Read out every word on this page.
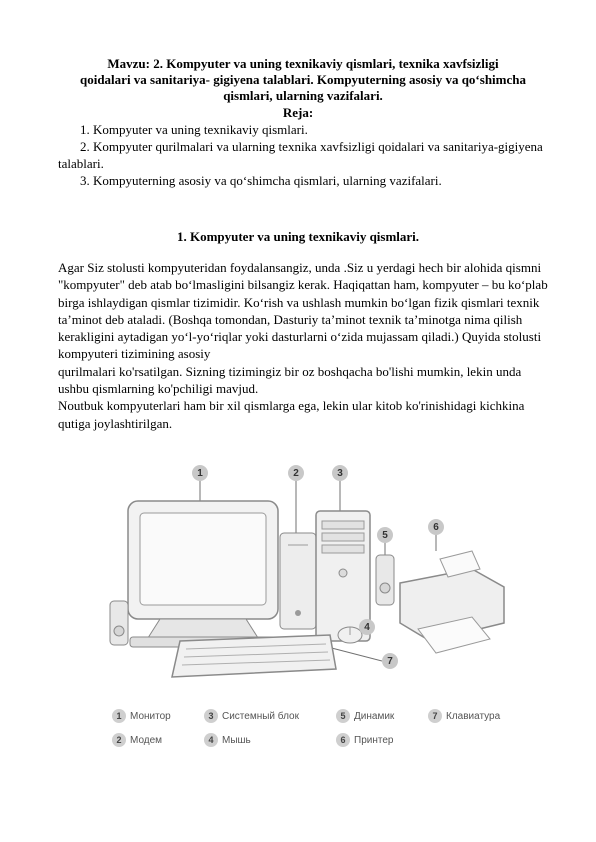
Mavzu: 2. Kompyuter va uning texnikaviy qismlari, texnika xavfsizligi
qoidalari va sanitariya- gigiyena talablari. Kompyuterning asosiy va qo‘shimcha
qismlari, ularning vazifalari.
Reja:

1. Kompyuter va uning texnikaviy qismlari.

2. Kompyuter qurilmalari va ularning texnika xavfsizligi qoidalari va sanitariya-gigiyena talablari.

3. Kompyuterning asosiy va qo‘shimcha qismlari, ularning vazifalari.

1. Kompyuter va uning texnikaviy qismlari.

Agar Siz stolusti kompyuteridan foydalansangiz, unda .Siz u yerdagi hech bir alohida qismni "kompyuter" deb atab bo‘lmasligini bilsangiz kerak. Haqiqattan ham, kompyuter – bu ko‘plab birga ishlaydigan qismlar tizimidir. Ko‘rish va ushlash mumkin bo‘lgan fizik qismlari texnik ta’minot deb ataladi. (Boshqa tomondan, Dasturiy ta’minot texnik ta’minotga nima qilish kerakligini aytadigan yo‘l-yo‘riqlar yoki dasturlarni o‘zida mujassam qiladi.) Quyida stolusti kompyuteri tizimining asosiy

qurilmalari ko'rsatilgan. Sizning tizimingiz bir oz boshqacha bo'lishi mumkin, lekin unda ushbu qismlarning ko'pchiligi mavjud.

Noutbuk kompyuterlari ham bir xil qismlarga ega, lekin ular kitob ko'rinishidagi kichkina qutiga joylashtirilgan.

1	2	3
5
6
4
7
1 Монитор
2 Модем
3 Системный блок
4 Мышь
5 Динамик
6 Принтер
7 Клавиатура
